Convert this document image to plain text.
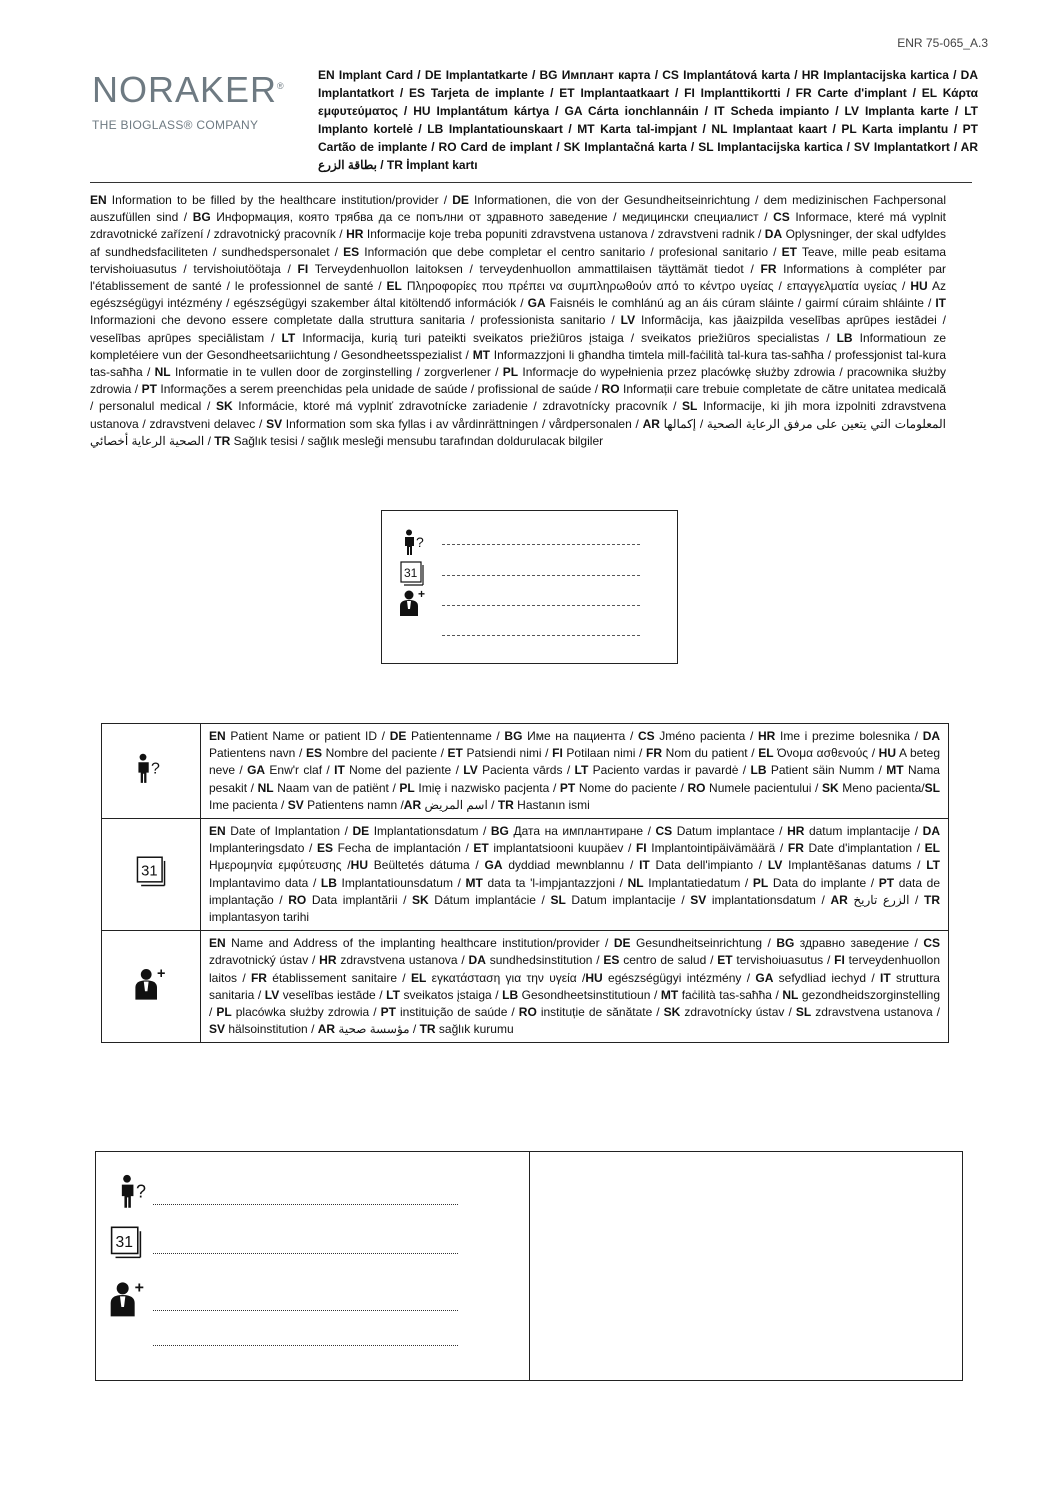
ENR 75-065_A.3
NORAKER®
THE BIOGLASS® COMPANY
EN Implant Card / DE Implantatkarte / BG Имплант карта / CS Implantátová karta / HR Implantacijska kartica / DA Implantatkort / ES Tarjeta de implante / ET Implantaatkaart / FI Implanttikortti / FR Carte d'implant / EL Κάρτα εμφυτεύματος / HU Implantátum kártya / GA Cárta ionchlannáin / IT Scheda impianto / LV Implanta karte / LT Implanto kortelė / LB Implantatiounskaart / MT Karta tal-impjant / NL Implantaat kaart / PL Karta implantu / PT Cartão de implante / RO Card de implant / SK Implantačná karta / SL Implantacijska kartica / SV Implantatkort / AR بطاقة الزرع / TR İmplant kartı
EN Information to be filled by the healthcare institution/provider / DE Informationen, die von der Gesundheitseinrichtung / dem medizinischen Fachpersonal auszufüllen sind / BG Информация, която трябва да се попълни от здравното заведение / медицински специалист / CS Informace, které má vyplnit zdravotnické zařízení / zdravotnický pracovník / HR Informacije koje treba popuniti zdravstvena ustanova / zdravstveni radnik / DA Oplysninger, der skal udfyldes af sundhedsfaciliteten / sundhedspersonalet / ES Información que debe completar el centro sanitario / profesional sanitario / ET Teave, mille peab esitama tervishoiuasutus / tervishoiutöötaja / FI Terveydenhuollon laitoksen / terveydenhuollon ammattilaisen täyttämät tiedot / FR Informations à compléter par l'établissement de santé / le professionnel de santé / EL Πληροφορίες που πρέπει να συμπληρωθούν από το κέντρο υγείας / επαγγελματία υγείας / HU Az egészségügyi intézmény / egészségügyi szakember által kitöltendő információk / GA Faisnéis le comhlánú ag an áis cúram sláinte / gairmí cúraim shláinte / IT Informazioni che devono essere completate dalla struttura sanitaria / professionista sanitario / LV Informācija, kas jāaizpilda veselības aprūpes iestādei / veselības aprūpes speciālistam / LT Informacija, kurią turi pateikti sveikatos priežiūros įstaiga / sveikatos priežiūros specialistas / LB Informatioun ze kompletéiere vun der Gesondheetsariichtung / Gesondheetsspezialist / MT Informazzjoni li għandha timtela mill-faċilità tal-kura tas-saħħa / professjonist tal-kura tas-saħħa / NL Informatie in te vullen door de zorginstelling / zorgverlener / PL Informacje do wypełnienia przez placówkę służby zdrowia / pracownika służby zdrowia / PT Informações a serem preenchidas pela unidade de saúde / profissional de saúde / RO Informații care trebuie completate de către unitatea medicală / personalul medical / SK Informácie, ktoré má vyplniť zdravotnícke zariadenie / zdravotnícky pracovník / SL Informacije, ki jih mora izpolniti zdravstvena ustanova / zdravstveni delavec / SV Information som ska fyllas i av vårdinrättningen / vårdpersonalen / AR المعلومات التي يتعين على مرفق الرعاية الصحية / إكمالها الصحية الرعاية أخصائي / TR Sağlık tesisi / sağlık mesleği mensubu tarafından doldurulacak bilgiler
?
31
+
?	EN Patient Name or patient ID / DE Patientenname / BG Име на пациента / CS Jméno pacienta / HR Ime i prezime bolesnika / DA Patientens navn / ES Nombre del paciente / ET Patsiendi nimi / FI Potilaan nimi / FR Nom du patient / EL Όνομα ασθενούς / HU A beteg neve / GA Enw'r claf / IT Nome del paziente / LV Pacienta vārds / LT Paciento vardas ir pavardė / LB Patient säin Numm / MT Nama pesakit / NL Naam van de patiënt / PL Imię i nazwisko pacjenta / PT Nome do paciente / RO Numele pacientului / SK Meno pacienta/SL Ime pacienta / SV Patientens namn /AR اسم المريض / TR Hastanın ismi

31	EN Date of Implantation / DE Implantationsdatum / BG Дата на имплантиране / CS Datum implantace / HR datum implantacije / DA Implanteringsdato / ES Fecha de implantación / ET implantatsiooni kuupäev / FI Implantointipäivämäärä / FR Date d'implantation / EL Ημερομηνία εμφύτευσης /HU Beültetés dátuma / GA dyddiad mewnblannu / IT Data dell'impianto / LV Implantēšanas datums / LT Implantavimo data / LB Implantatiounsdatum / MT data ta 'l-impjantazzjoni / NL Implantatiedatum / PL Data do implante / PT data de implantação / RO Data implantării / SK Dátum implantácie / SL Datum implantacije / SV implantationsdatum / AR الزرع تاريخ / TR implantasyon tarihi

+	EN Name and Address of the implanting healthcare institution/provider / DE Gesundheitseinrichtung / BG здравно заведение / CS zdravotnický ústav / HR zdravstvena ustanova / DA sundhedsinstitution / ES centro de salud / ET tervishoiuasutus / FI terveydenhuollon laitos / FR établissement sanitaire / EL εγκατάσταση για την υγεία /HU egészségügyi intézmény / GA sefydliad iechyd / IT struttura sanitaria / LV veselības iestāde / LT sveikatos įstaiga / LB Gesondheetsinstitutioun / MT faċilità tas-saħħa / NL gezondheidszorginstelling / PL placówka służby zdrowia / PT instituição de saúde / RO instituție de sănătate / SK zdravotnícky ústav / SL zdravstvena ustanova / SV hälsoinstitution / AR مؤسسة صحية / TR sağlık kurumu
?
31
+
